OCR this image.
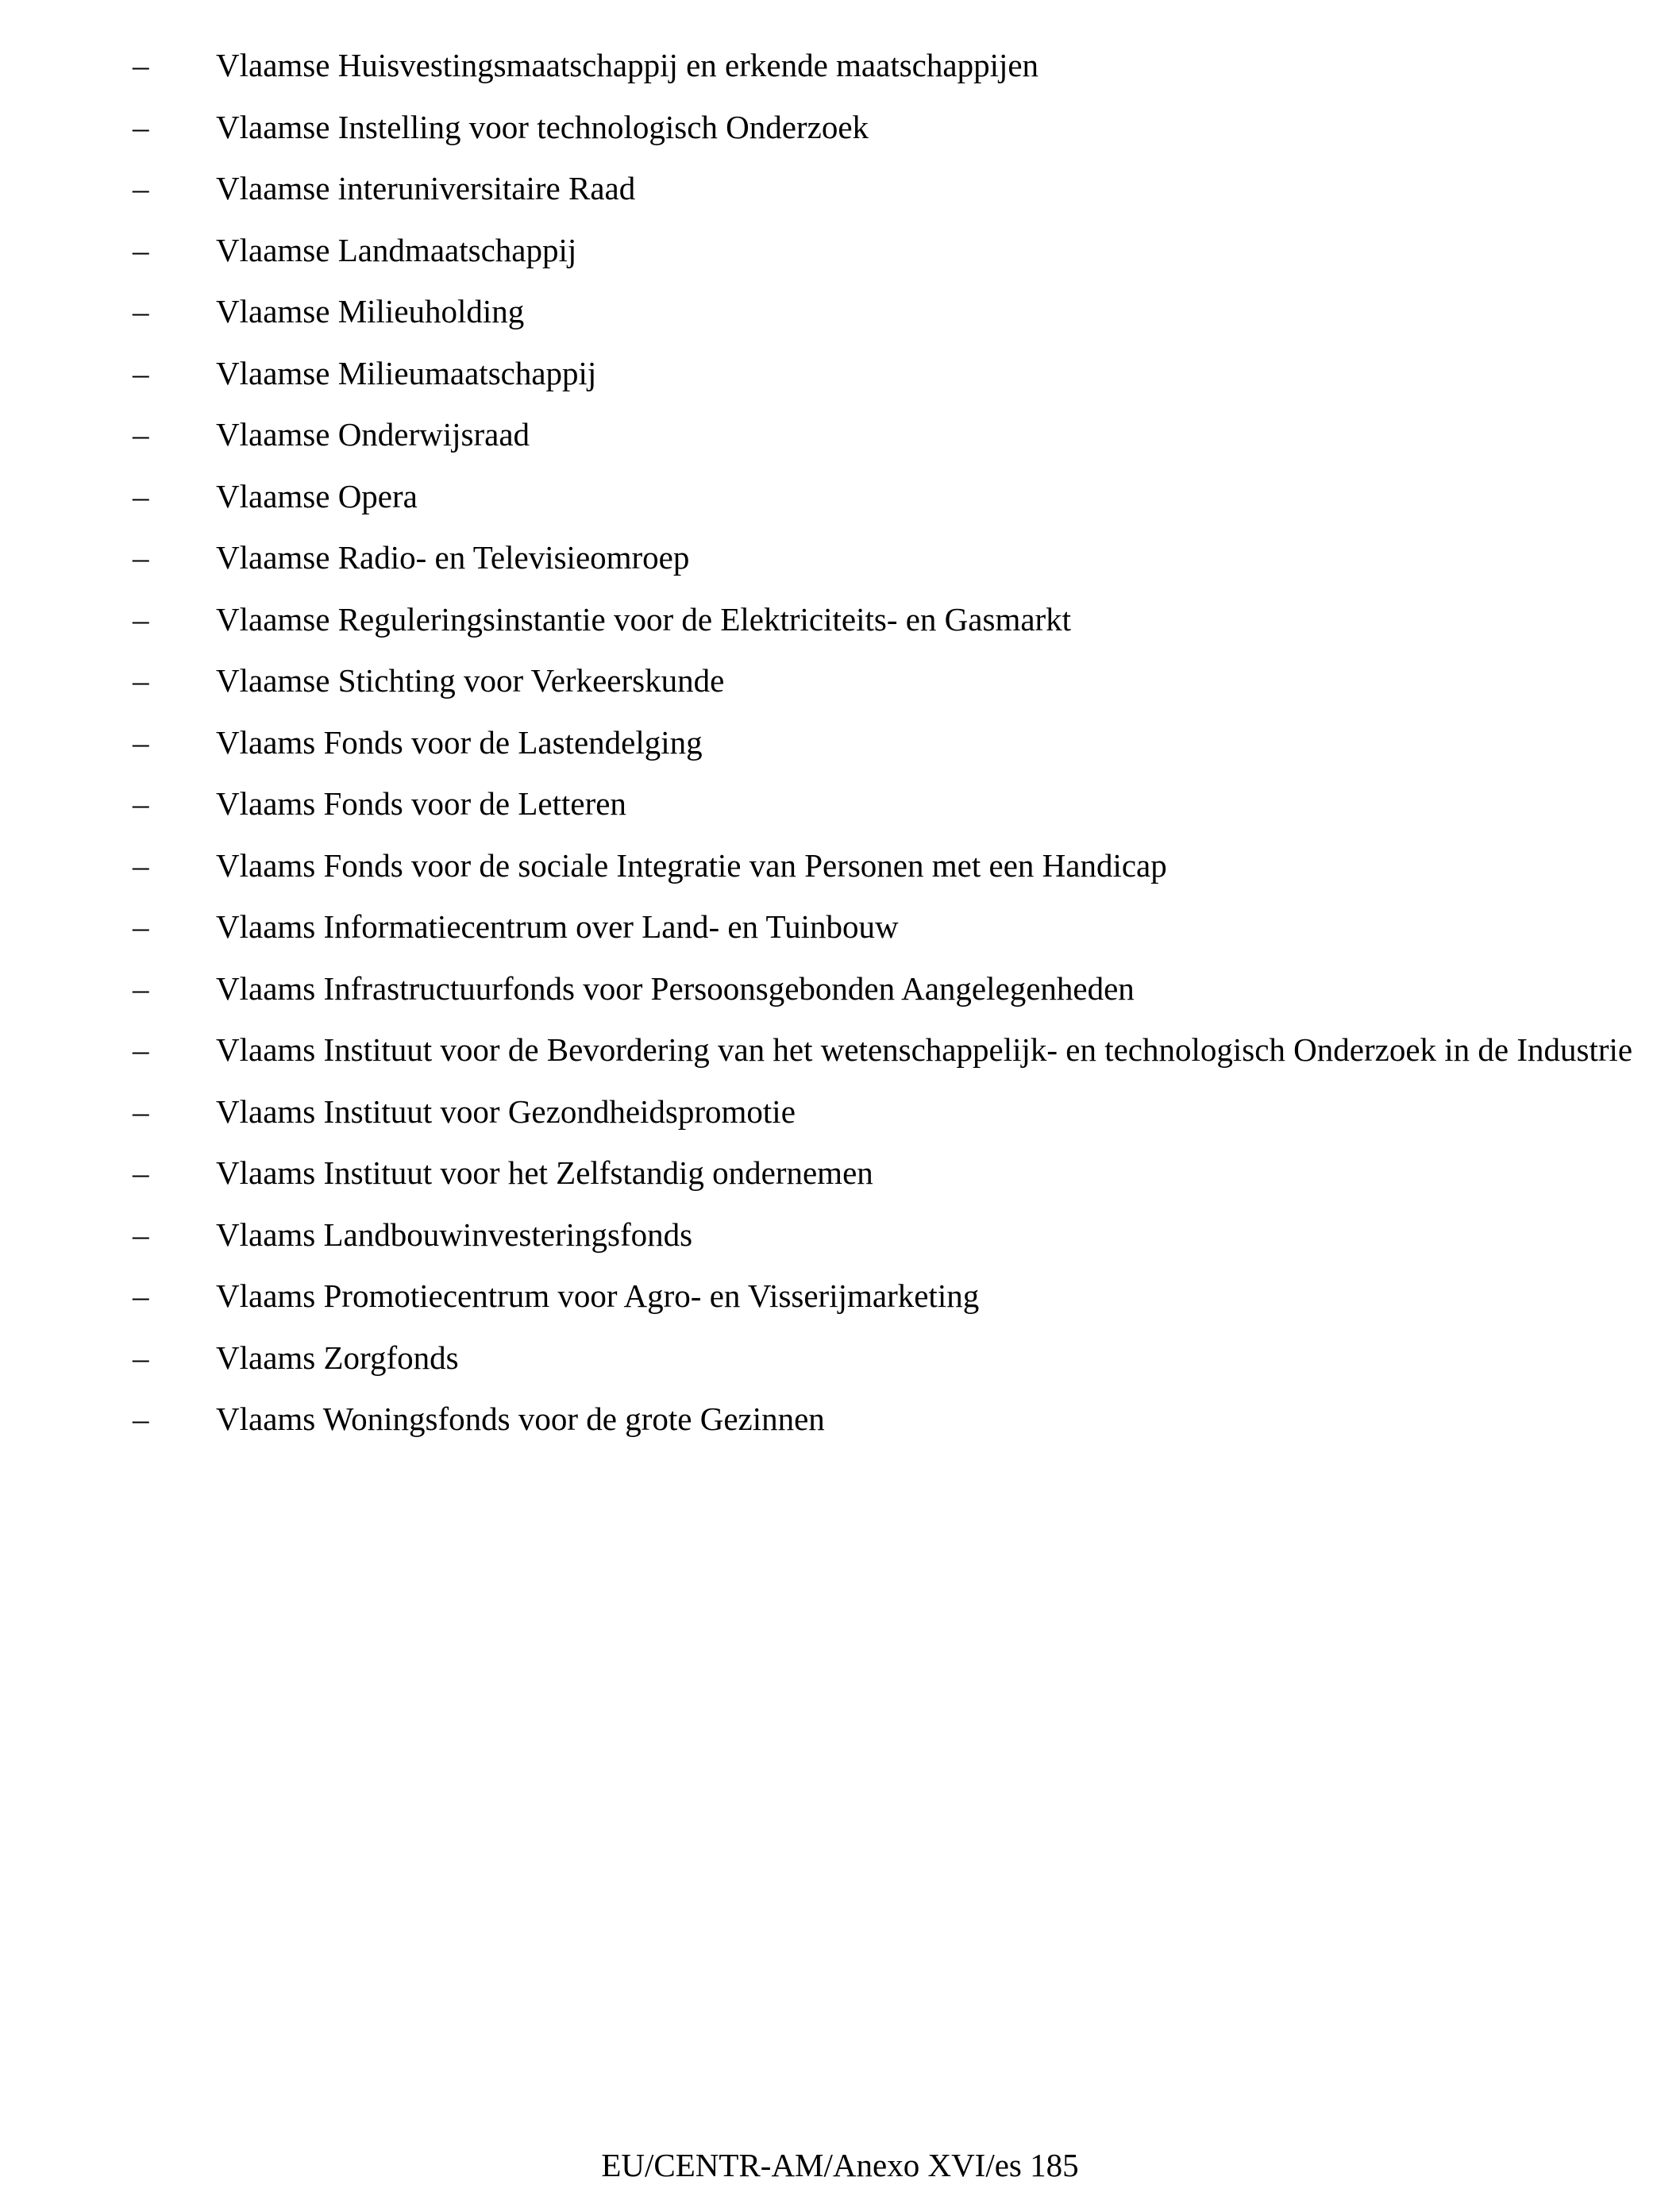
– Vlaamse Huisvestingsmaatschappij en erkende maatschappijen
– Vlaamse Instelling voor technologisch Onderzoek
– Vlaamse interuniversitaire Raad
– Vlaamse Landmaatschappij
– Vlaamse Milieuholding
– Vlaamse Milieumaatschappij
– Vlaamse Onderwijsraad
– Vlaamse Opera
– Vlaamse Radio- en Televisieomroep
– Vlaamse Reguleringsinstantie voor de Elektriciteits- en Gasmarkt
– Vlaamse Stichting voor Verkeerskunde
– Vlaams Fonds voor de Lastendelging
– Vlaams Fonds voor de Letteren
– Vlaams Fonds voor de sociale Integratie van Personen met een Handicap
– Vlaams Informatiecentrum over Land- en Tuinbouw
– Vlaams Infrastructuurfonds voor Persoonsgebonden Aangelegenheden
– Vlaams Instituut voor de Bevordering van het wetenschappelijk- en technologisch Onderzoek in de Industrie
– Vlaams Instituut voor Gezondheidspromotie
– Vlaams Instituut voor het Zelfstandig ondernemen
– Vlaams Landbouwinvesteringsfonds
– Vlaams Promotiecentrum voor Agro- en Visserijmarketing
– Vlaams Zorgfonds
– Vlaams Woningsfonds voor de grote Gezinnen
EU/CENTR-AM/Anexo XVI/es 185
